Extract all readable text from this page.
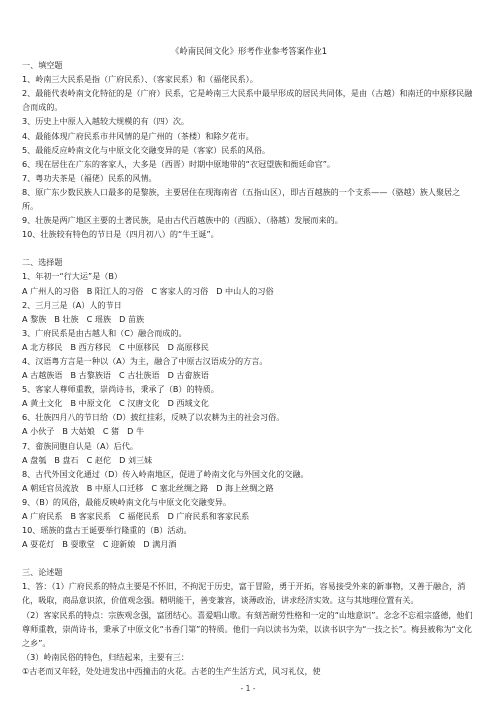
《岭南民间文化》形考作业参考答案作业1
一、填空题
1、岭南三大民系是指（广府民系）、（客家民系）和（福佬民系）。
2、最能代表岭南文化特征的是（广府）民系，它是岭南三大民系中最早形成的居民共同体，是由（古越）和南迁的中原移民融合而成的。
3、历史上中原人入越较大规模的有（四）次。
4、最能体现广府民系市井风情的是广州的（茶楼）和除夕花市。
5、最能反应岭南文化与中原文化交融变异的是（客家）民系的风俗。
6、现在居住在广东的客家人，大多是（西晋）时期中原地带的“衣冠望族和衙廷命官”。
7、粤功夫茶是（福佬）民系的风情。
8、原广东少数民族人口最多的是黎族，主要居住在现海南省（五指山区），即古百越族的一个支系——（骆越）族人聚居之所。
9、壮族是两广地区主要的土著民族，是由古代百越族中的（西瓯）、（骆越）发展而来的。
10、壮族较有特色的节日是（四月初八）的“牛王诞”。
二、选择题
1、年初一“行大运”是（B）
A 广州人的习俗 B 阳江人的习俗 C 客家人的习俗 D 中山人的习俗
2、三月三是（A）人的节日
A 黎族 B 壮族 C 瑶族 D 苗族
3、广府民系是由古越人和（C）融合而成的。
A 北方移民 B 西方移民 C 中原移民 D 高原移民
4、汉语粤方言是一种以（A）为主，融合了中原古汉语成分的方言。
A 古越族语 B 古黎族语 C 古壮族语 D 古畲族语
5、客家人尊师重教，崇尚诗书，秉承了（B）的特质。
A 黄土文化 B 中原文化 C 汉唐文化 D 西域文化
6、壮族四月八的节日给（D）披红挂彩，反映了以农耕为主的社会习俗。
A 小伙子 B 大姑娘 C 猪 D 牛
7、畲族同胞自认是（A）后代。
A 盘瓠 B 盘石 C 赵佗 D 刘三妹
8、古代外国文化通过（D）传入岭南地区，促进了岭南文化与外国文化的交融。
A 朝廷官员流放 B 中原人口迁移 C 塞北丝绸之路 D 海上丝绸之路
9、（B）的风俗，最能反映岭南文化与中原文化交融变异。
A 广府民系 B 客家民系 C 福佬民系 D 广府民系和客家民系
10、瑶族的盘古王诞要举行隆重的（B）活动。
A 耍花灯 B 耍歌堂 C 迎新娘 D 满月酒
三、论述题
1、答：（1）广府民系的特点主要是不怀旧，不拘泥于历史，富于冒险，勇于开拓，容易接受外来的新事物，又善于融合，消化，吸取，商品意识浓，价值观念强。精明能干，善变兼容，谈薄政治，讲求经济实效。这与其地理位置有关。
（2）客家民系的特点：宗族观念强，富团结心。喜爱唱山歌。有刻苦耐劳性格和一定的“山地意识”。念念不忘祖宗盛德，他们尊师重教，崇尚诗书，秉承了中原文化“书香门第”的特质。他们一向以读书为荣，以读书识字为“一技之长”。梅县被称为“文化之乡”。
（3）岭南民俗的特色，归结起来，主要有三：
①古老而又年轻，处处进发出中西撞击的火花。古老的生产生活方式，风习礼仪，使
- 1 -
